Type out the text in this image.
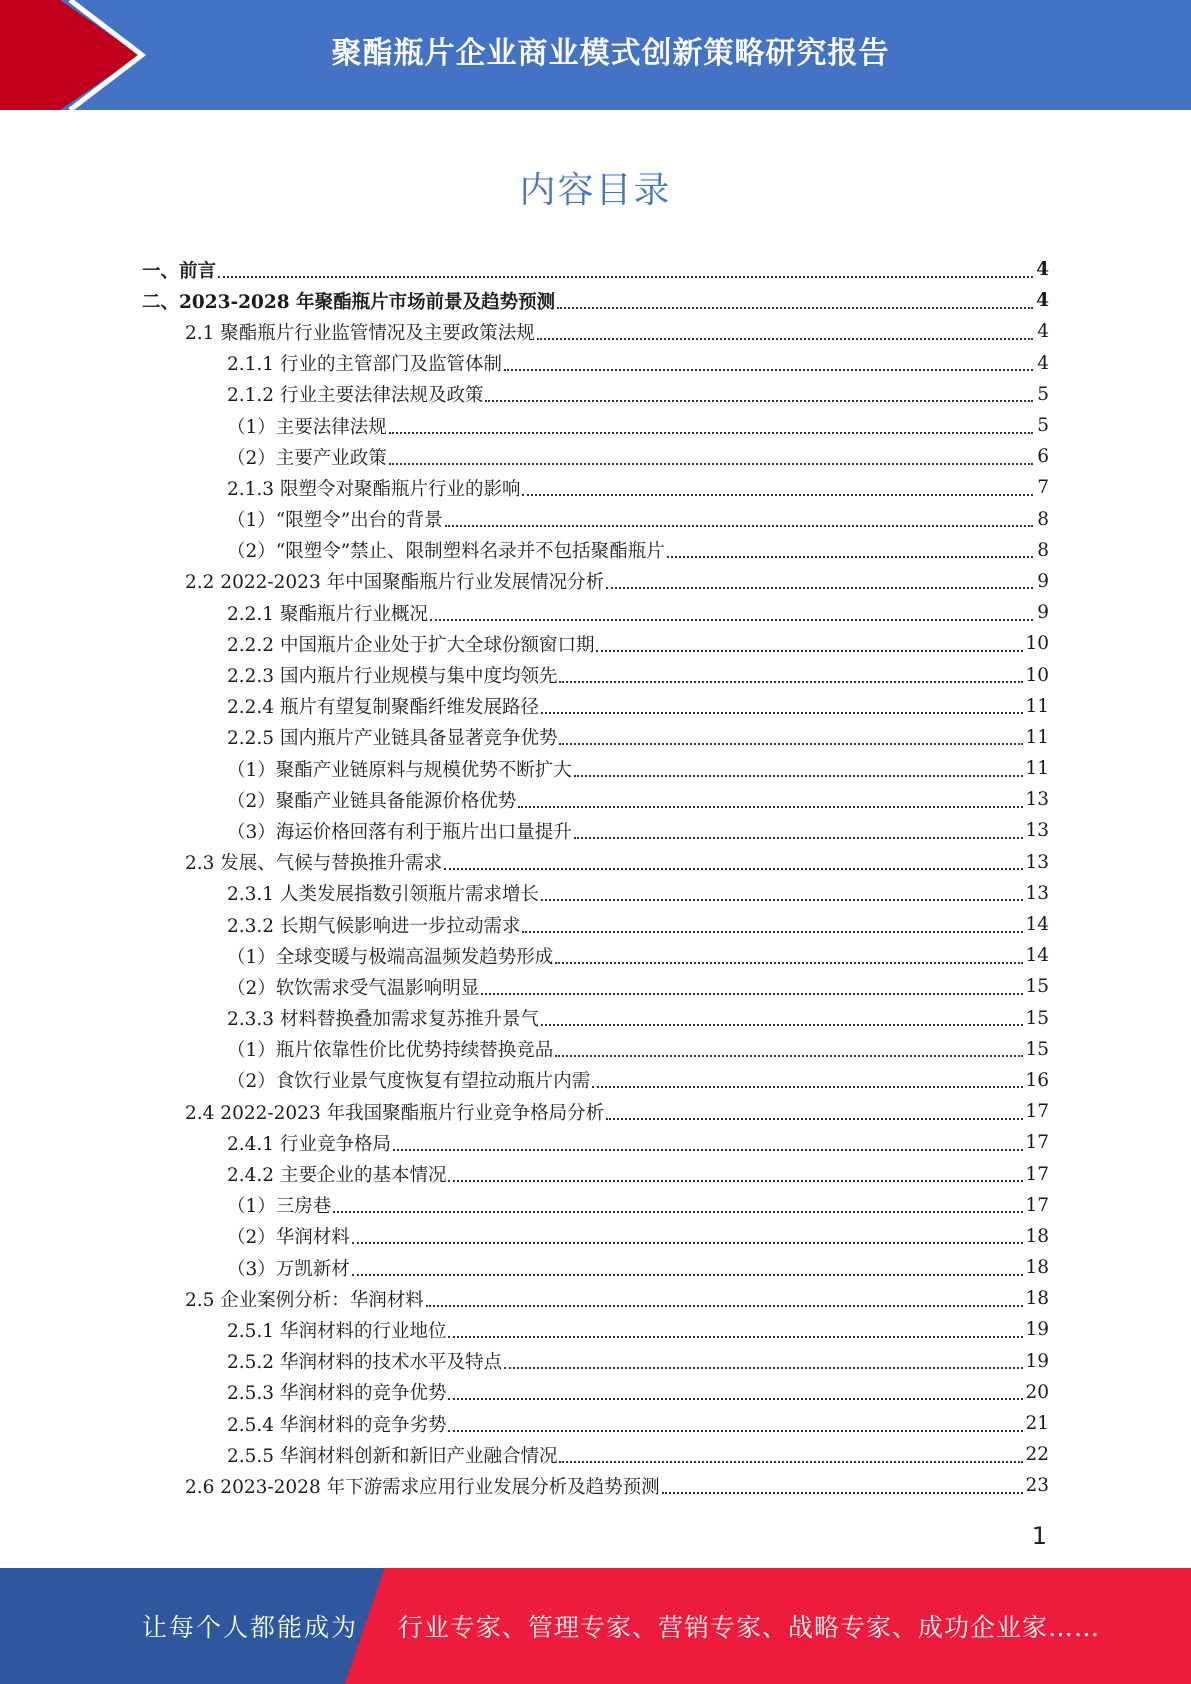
聚酯瓶片企业商业模式创新策略研究报告
内容目录
一、前言	4
二、2023-2028 年聚酯瓶片市场前景及趋势预测	4
2.1 聚酯瓶片行业监管情况及主要政策法规	4
2.1.1 行业的主管部门及监管体制	4
2.1.2 行业主要法律法规及政策	5
（1）主要法律法规	5
（2）主要产业政策	6
2.1.3 限塑令对聚酯瓶片行业的影响	7
（1）“限塑令”出台的背景	8
（2）“限塑令”禁止、限制塑料名录并不包括聚酯瓶片	8
2.2 2022-2023 年中国聚酯瓶片行业发展情况分析	9
2.2.1 聚酯瓶片行业概况	9
2.2.2 中国瓶片企业处于扩大全球份额窗口期	10
2.2.3 国内瓶片行业规模与集中度均领先	10
2.2.4 瓶片有望复制聚酯纤维发展路径	11
2.2.5 国内瓶片产业链具备显著竞争优势	11
（1）聚酯产业链原料与规模优势不断扩大	11
（2）聚酯产业链具备能源价格优势	13
（3）海运价格回落有利于瓶片出口量提升	13
2.3 发展、气候与替换推升需求	13
2.3.1 人类发展指数引领瓶片需求增长	13
2.3.2 长期气候影响进一步拉动需求	14
（1）全球变暖与极端高温频发趋势形成	14
（2）软饮需求受气温影响明显	15
2.3.3 材料替换叠加需求复苏推升景气	15
（1）瓶片依靠性价比优势持续替换竞品	15
（2）食饮行业景气度恢复有望拉动瓶片内需	16
2.4 2022-2023 年我国聚酯瓶片行业竞争格局分析	17
2.4.1 行业竞争格局	17
2.4.2 主要企业的基本情况	17
（1）三房巷	17
（2）华润材料	18
（3）万凯新材	18
2.5 企业案例分析：华润材料	18
2.5.1 华润材料的行业地位	19
2.5.2 华润材料的技术水平及特点	19
2.5.3 华润材料的竞争优势	20
2.5.4 华润材料的竞争劣势	21
2.5.5 华润材料创新和新旧产业融合情况	22
2.6 2023-2028 年下游需求应用行业发展分析及趋势预测	23
1
让每个人都能成为 行业专家、管理专家、营销专家、战略专家、成功企业家……
